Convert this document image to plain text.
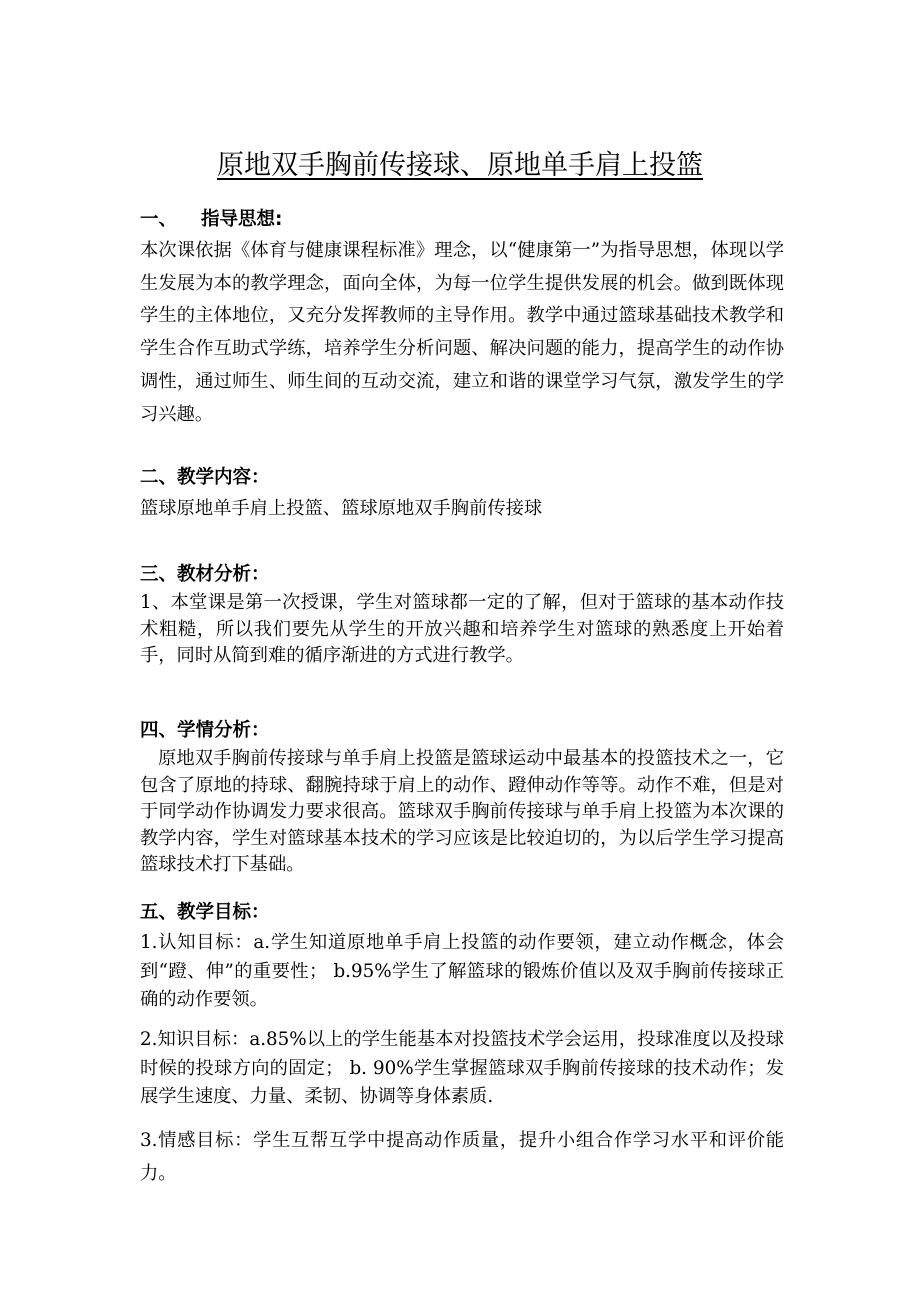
原地双手胸前传接球、原地单手肩上投篮
一、 指导思想:

本次课依据《体育与健康课程标准》理念，以“健康第一”为指导思想，体现以学生发展为本的教学理念，面向全体，为每一位学生提供发展的机会。做到既体现学生的主体地位，又充分发挥教师的主导作用。教学中通过篮球基础技术教学和学生合作互助式学练，培养学生分析问题、解决问题的能力，提高学生的动作协调性，通过师生、师生间的互动交流，建立和谐的课堂学习气氛，激发学生的学习兴趣。

二、教学内容：

篮球原地单手肩上投篮、篮球原地双手胸前传接球

三、教材分析：

1、本堂课是第一次授课，学生对篮球都一定的了解，但对于篮球的基本动作技术粗糙，所以我们要先从学生的开放兴趣和培养学生对篮球的熟悉度上开始着手，同时从简到难的循序渐进的方式进行教学。

四、学情分析：

原地双手胸前传接球与单手肩上投篮是篮球运动中最基本的投篮技术之一，它包含了原地的持球、翻腕持球于肩上的动作、蹬伸动作等等。动作不难，但是对于同学动作协调发力要求很高。篮球双手胸前传接球与单手肩上投篮为本次课的教学内容，学生对篮球基本技术的学习应该是比较迫切的，为以后学生学习提高篮球技术打下基础。

五、教学目标：

1.认知目标：a.学生知道原地单手肩上投篮的动作要领，建立动作概念，体会到“蹬、伸”的重要性； b.95%学生了解篮球的锻炼价值以及双手胸前传接球正确的动作要领。

2.知识目标：a.85%以上的学生能基本对投篮技术学会运用，投球准度以及投球时候的投球方向的固定； b. 90%学生掌握篮球双手胸前传接球的技术动作；发展学生速度、力量、柔韧、协调等身体素质.

3.情感目标：学生互帮互学中提高动作质量，提升小组合作学习水平和评价能力。
